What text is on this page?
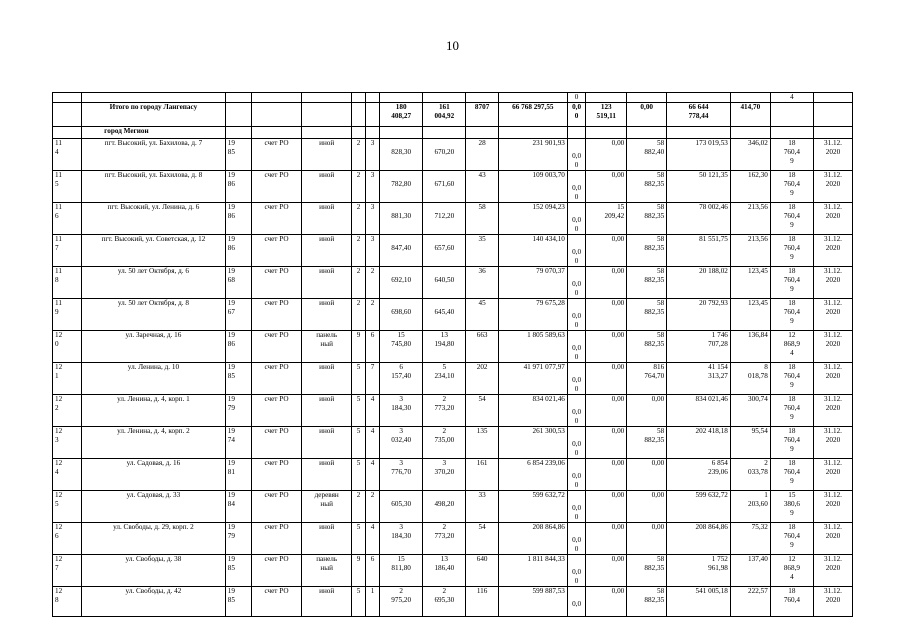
10
											0					4	
	Итого по городу Лангепасу						180
408,27	161
004,92	8707	66 768 297,55	0,0
0	123
519,11	0,00	66 644
778,44	414,70		
	город Мегион																

11
4	пгт. Высокий, ул. Бахилова, д. 7	19
85	счет РО	иной	2	3	828,30	670,20	28	231 901,93	0,0
0	0,00	58
882,40	173 019,53	346,02	18
760,4
9	31.12.
2020

11
5	пгт. Высокий, ул. Бахилова, д. 8	19
86	счет РО	иной	2	3	782,80	671,60	43	109 003,70	0,0
0	0,00	58
882,35	50 121,35	162,30	18
760,4
9	31.12.
2020

11
6	пгт. Высокий, ул. Ленина, д. 6	19
86	счет РО	иной	2	3	881,30	712,20	58	152 094,23	0,0
0	15
209,42	58
882,35	78 002,46	213,56	18
760,4
9	31.12.
2020

11
7	пгт. Высокий, ул. Советская, д. 12	19
86	счет РО	иной	2	3	847,40	657,60	35	140 434,10	0,0
0	0,00	58
882,35	81 551,75	213,56	18
760,4
9	31.12.
2020

11
8	ул. 50 лет Октября, д. 6	19
68	счет РО	иной	2	2	692,10	640,50	36	79 070,37	0,0
0	0,00	58
882,35	20 188,02	123,45	18
760,4
9	31.12.
2020

11
9	ул. 50 лет Октября, д. 8	19
67	счет РО	иной	2	2	698,60	645,40	45	79 675,28	0,0
0	0,00	58
882,35	20 792,93	123,45	18
760,4
9	31.12.
2020

12
0	ул. Заречная, д. 16	19
86	счет РО	панель
ный	9	6	15
745,80	13
194,80	663	1 805 589,63	0,0
0	0,00	58
882,35	1 746
707,28	136,84	12
868,9
4	31.12.
2020

12
1	ул. Ленина, д. 10	19
85	счет РО	иной	5	7	6
157,40	5
234,10	202	41 971 077,97	0,0
0	0,00	816
764,70	41 154
313,27	8
018,78	18
760,4
9	31.12.
2020

12
2	ул. Ленина, д. 4, корп. 1	19
79	счет РО	иной	5	4	3
184,30	2
773,20	54	834 021,46	0,0
0	0,00	0,00	834 021,46	300,74	18
760,4
9	31.12.
2020

12
3	ул. Ленина, д. 4, корп. 2	19
74	счет РО	иной	5	4	3
032,40	2
735,00	135	261 300,53	0,0
0	0,00	58
882,35	202 418,18	95,54	18
760,4
9	31.12.
2020

12
4	ул. Садовая, д. 16	19
81	счет РО	иной	5	4	3
776,70	3
370,20	161	6 854 239,06	0,0
0	0,00	0,00	6 854
239,06	2
033,78	18
760,4
9	31.12.
2020

12
5	ул. Садовая, д. 33	19
84	счет РО	деревян
ный	2	2	605,30	498,20	33	599 632,72	0,0
0	0,00	0,00	599 632,72	1
203,60	15
380,6
9	31.12.
2020

12
6	ул. Свободы, д. 29, корп. 2	19
79	счет РО	иной	5	4	3
184,30	2
773,20	54	208 864,86	0,0
0	0,00	0,00	208 864,86	75,32	18
760,4
9	31.12.
2020

12
7	ул. Свободы, д. 38	19
85	счет РО	панель
ный	9	6	15
811,80	13
186,40	640	1 811 844,33	0,0
0	0,00	58
882,35	1 752
961,98	137,40	12
868,9
4	31.12.
2020

12
8	ул. Свободы, д. 42	19
85	счет РО	иной	5	1	2
975,20	2
695,30	116	599 887,53	0,0	0,00	58
882,35	541 005,18	222,57	18
760,4	31.12.
2020
